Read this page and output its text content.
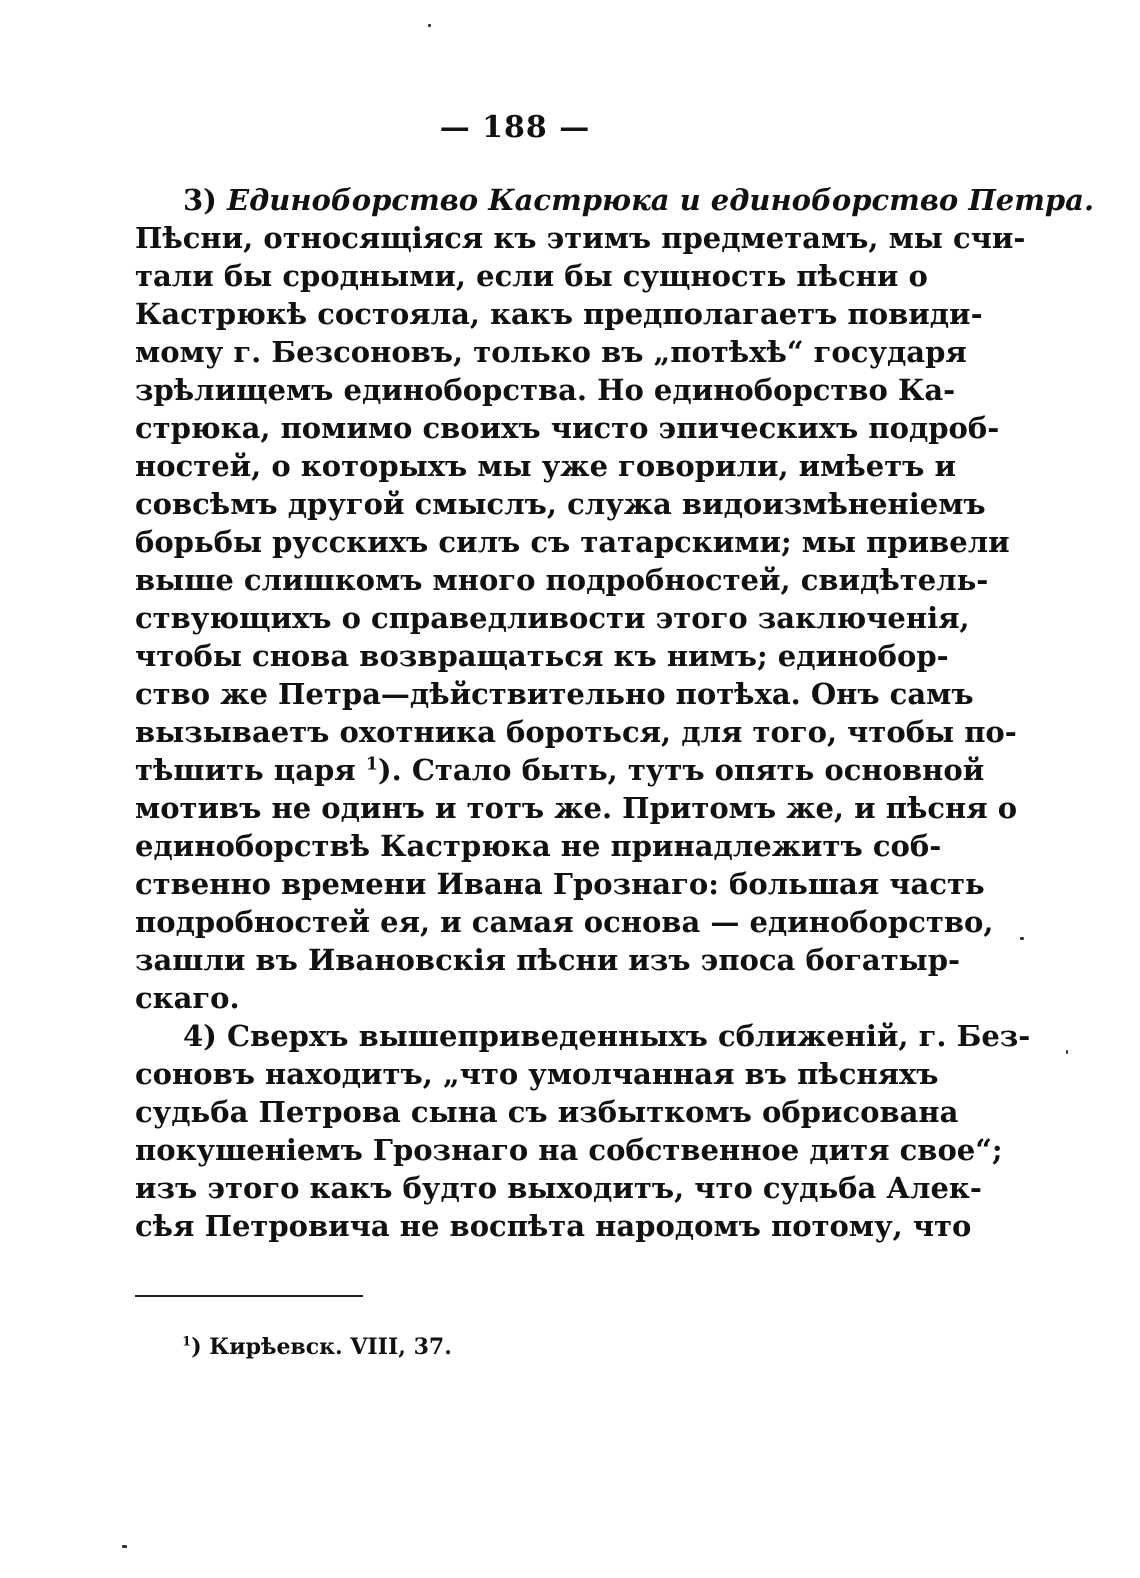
— 188 —
3) Единоборство Кастрюка и единоборство Петра.
Пѣсни, относящіяся къ этимъ предметамъ, мы счи-
тали бы сродными, если бы сущность пѣсни о
Кастрюкѣ состояла, какъ предполагаетъ повиди-
мому г. Безсоновъ, только въ „потѣхѣ“ государя
зрѣлищемъ единоборства. Но единоборство Ка-
стрюка, помимо своихъ чисто эпическихъ подроб-
ностей, о которыхъ мы уже говорили, имѣетъ и
совсѣмъ другой смыслъ, служа видоизмѣненіемъ
борьбы русскихъ силъ съ татарскими; мы привели
выше слишкомъ много подробностей, свидѣтель-
ствующихъ о справедливости этого заключенія,
чтобы снова возвращаться къ нимъ; единобор-
ство же Петра—дѣйствительно потѣха. Онъ самъ
вызываетъ охотника бороться, для того, чтобы по-
тѣшить царя $^1$). Стало быть, тутъ опять основной
мотивъ не одинъ и тотъ же. Притомъ же, и пѣсня о
единоборствѣ Кастрюка не принадлежитъ соб-
ственно времени Ивана Грознаго: большая часть
подробностей ея, и самая основа — единоборство,
зашли въ Ивановскія пѣсни изъ эпоса богатыр-
скаго.
4) Сверхъ вышеприведенныхъ сближеній, г. Без-
соновъ находитъ, „что умолчанная въ пѣсняхъ
судьба Петрова сына съ избыткомъ обрисована
покушеніемъ Грознаго на собственное дитя свое“;
изъ этого какъ будто выходитъ, что судьба Алек-
сѣя Петровича не воспѣта народомъ потому, что
$^1$) Кирѣевск. VIII, 37.
